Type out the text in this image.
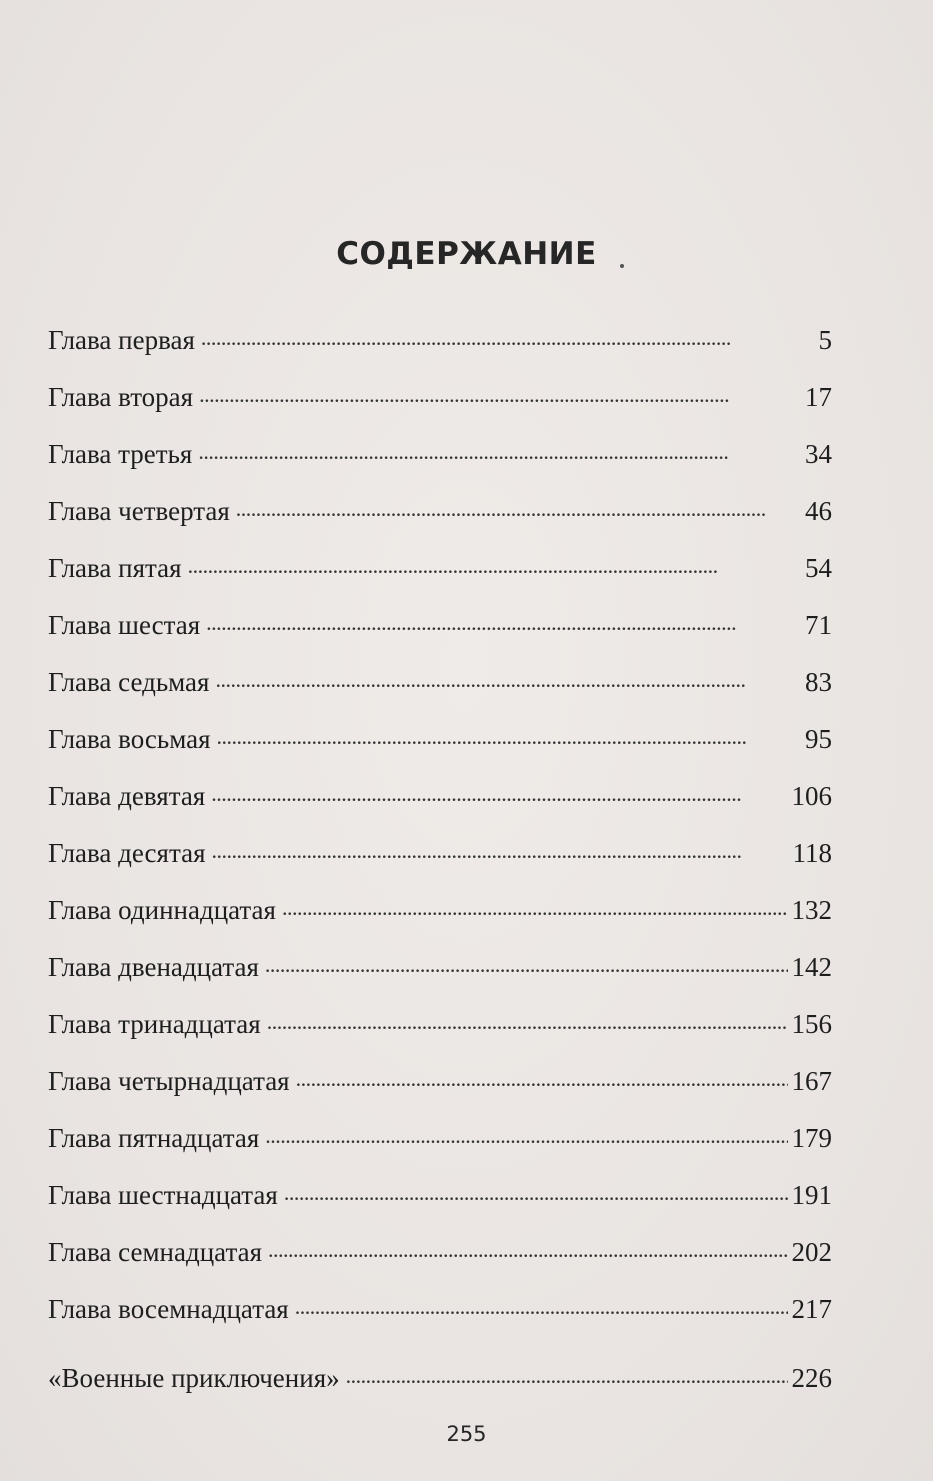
СОДЕРЖАНИЕ
Глава первая . . .	5
Глава вторая . . .	17
Глава третья . . .	34
Глава четвертая . . .	46
Глава пятая . . .	54
Глава шестая . . .	71
Глава седьмая . . .	83
Глава восьмая . . .	95
Глава девятая . . .	106
Глава десятая . . .	118
Глава одиннадцатая . . .	132
Глава двенадцатая . . .	142
Глава тринадцатая . . .	156
Глава четырнадцатая . . .	167
Глава пятнадцатая . . .	179
Глава шестнадцатая . . .	191
Глава семнадцатая . . .	202
Глава восемнадцатая . . .	217
«Военные приключения» . . .	226
255
